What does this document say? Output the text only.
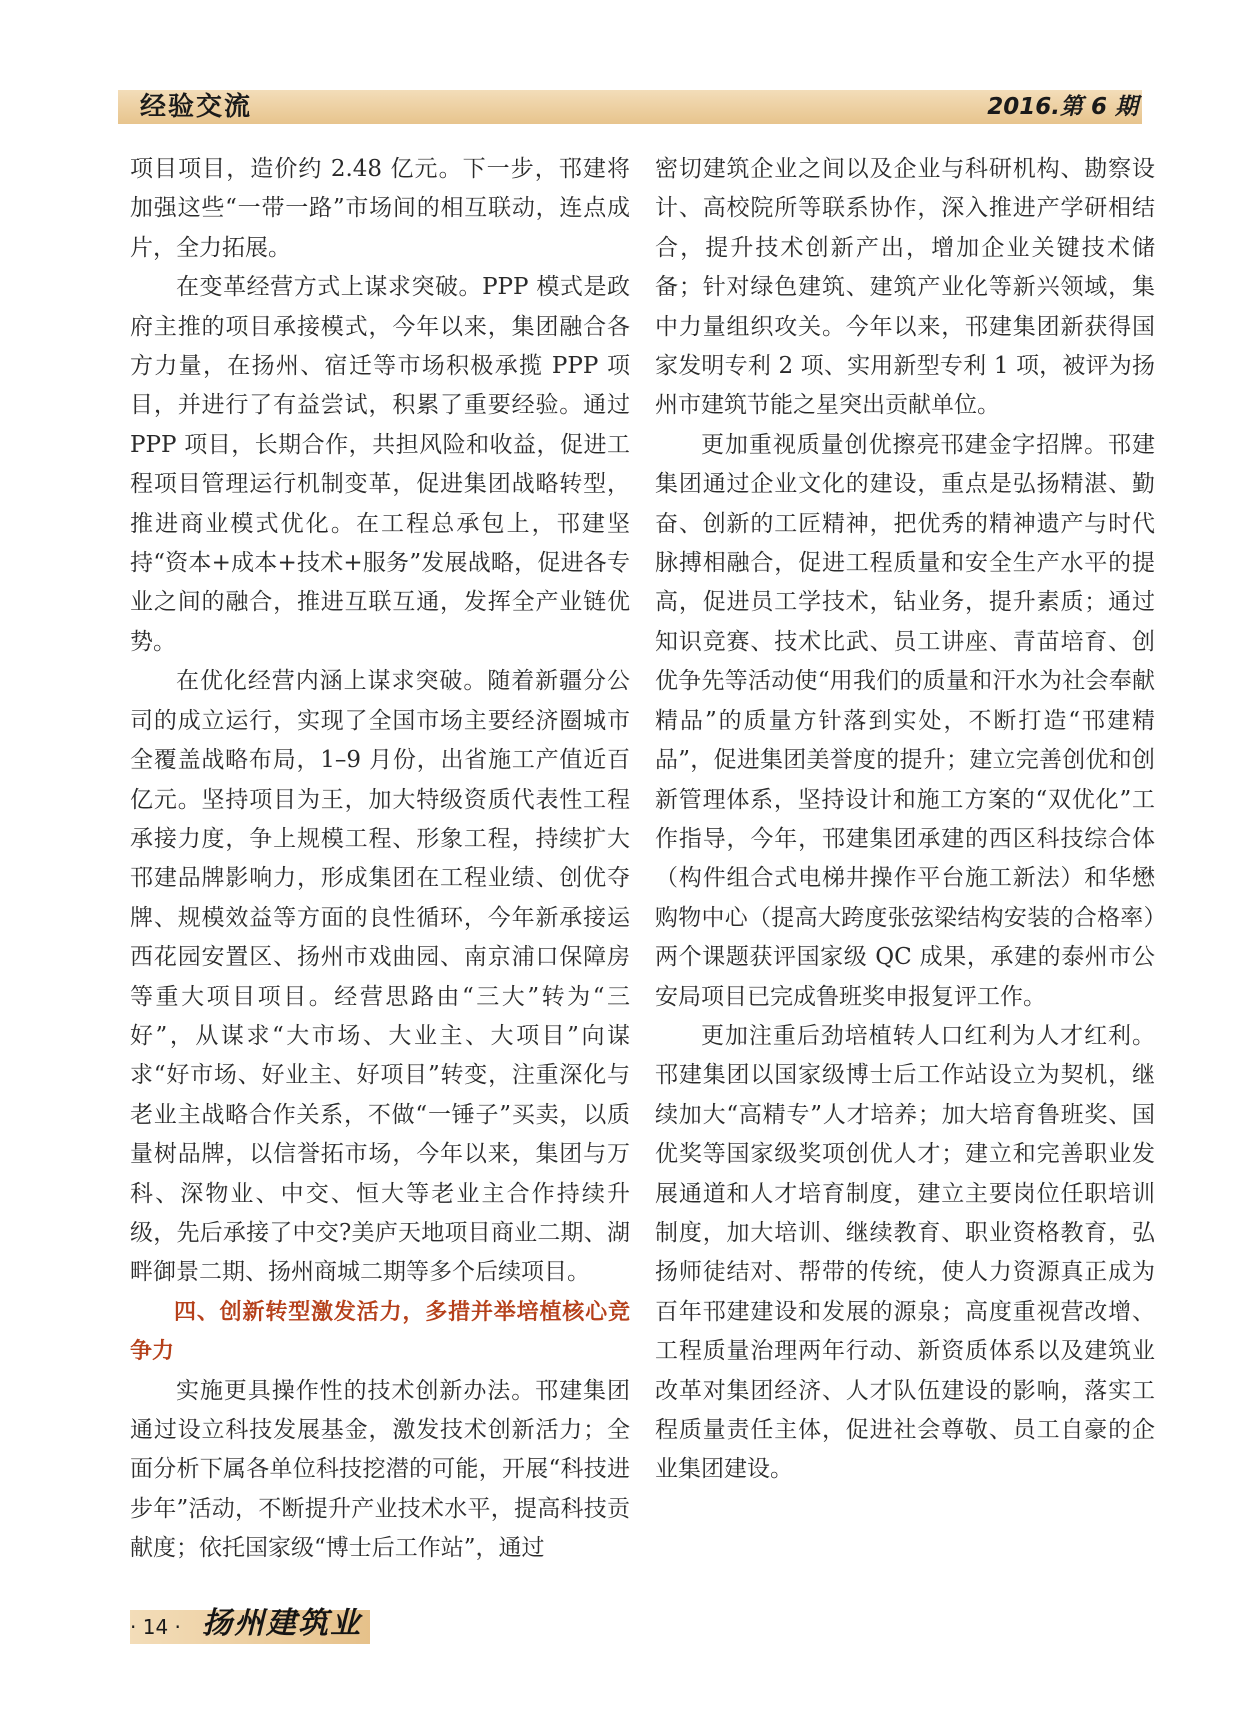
经验交流	2016.第 6 期

项目项目，造价约 2.48 亿元。下一步，邗建将加强这些“一带一路”市场间的相互联动，连点成片，全力拓展。

在变革经营方式上谋求突破。PPP 模式是政府主推的项目承接模式，今年以来，集团融合各方力量，在扬州、宿迁等市场积极承揽 PPP 项目，并进行了有益尝试，积累了重要经验。通过 PPP 项目，长期合作，共担风险和收益，促进工程项目管理运行机制变革，促进集团战略转型，推进商业模式优化。在工程总承包上，邗建坚持“资本+成本+技术+服务”发展战略，促进各专业之间的融合，推进互联互通，发挥全产业链优势。

在优化经营内涵上谋求突破。随着新疆分公司的成立运行，实现了全国市场主要经济圈城市全覆盖战略布局，1–9 月份，出省施工产值近百亿元。坚持项目为王，加大特级资质代表性工程承接力度，争上规模工程、形象工程，持续扩大邗建品牌影响力，形成集团在工程业绩、创优夺牌、规模效益等方面的良性循环，今年新承接运西花园安置区、扬州市戏曲园、南京浦口保障房等重大项目项目。经营思路由“三大”转为“三好”，从谋求“大市场、大业主、大项目”向谋求“好市场、好业主、好项目”转变，注重深化与老业主战略合作关系，不做“一锤子”买卖，以质量树品牌，以信誉拓市场，今年以来，集团与万科、深物业、中交、恒大等老业主合作持续升级，先后承接了中交?美庐天地项目商业二期、湖畔御景二期、扬州商城二期等多个后续项目。

四、创新转型激发活力，多措并举培植核心竞争力

实施更具操作性的技术创新办法。邗建集团通过设立科技发展基金，激发技术创新活力；全面分析下属各单位科技挖潜的可能，开展“科技进步年”活动，不断提升产业技术水平，提高科技贡献度；依托国家级“博士后工作站”，通过

密切建筑企业之间以及企业与科研机构、勘察设计、高校院所等联系协作，深入推进产学研相结合，提升技术创新产出，增加企业关键技术储备；针对绿色建筑、建筑产业化等新兴领域，集中力量组织攻关。今年以来，邗建集团新获得国家发明专利 2 项、实用新型专利 1 项，被评为扬州市建筑节能之星突出贡献单位。

更加重视质量创优擦亮邗建金字招牌。邗建集团通过企业文化的建设，重点是弘扬精湛、勤奋、创新的工匠精神，把优秀的精神遗产与时代脉搏相融合，促进工程质量和安全生产水平的提高，促进员工学技术，钻业务，提升素质；通过知识竞赛、技术比武、员工讲座、青苗培育、创优争先等活动使“用我们的质量和汗水为社会奉献精品”的质量方针落到实处，不断打造“邗建精品”，促进集团美誉度的提升；建立完善创优和创新管理体系，坚持设计和施工方案的“双优化”工作指导，今年，邗建集团承建的西区科技综合体（构件组合式电梯井操作平台施工新法）和华懋购物中心（提高大跨度张弦梁结构安装的合格率）两个课题获评国家级 QC 成果，承建的泰州市公安局项目已完成鲁班奖申报复评工作。

更加注重后劲培植转人口红利为人才红利。邗建集团以国家级博士后工作站设立为契机，继续加大“高精专”人才培养；加大培育鲁班奖、国优奖等国家级奖项创优人才；建立和完善职业发展通道和人才培育制度，建立主要岗位任职培训制度，加大培训、继续教育、职业资格教育，弘扬师徒结对、帮带的传统，使人力资源真正成为百年邗建建设和发展的源泉；高度重视营改增、工程质量治理两年行动、新资质体系以及建筑业改革对集团经济、人才队伍建设的影响，落实工程质量责任主体，促进社会尊敬、员工自豪的企业集团建设。

· 14 · 扬州建筑业
